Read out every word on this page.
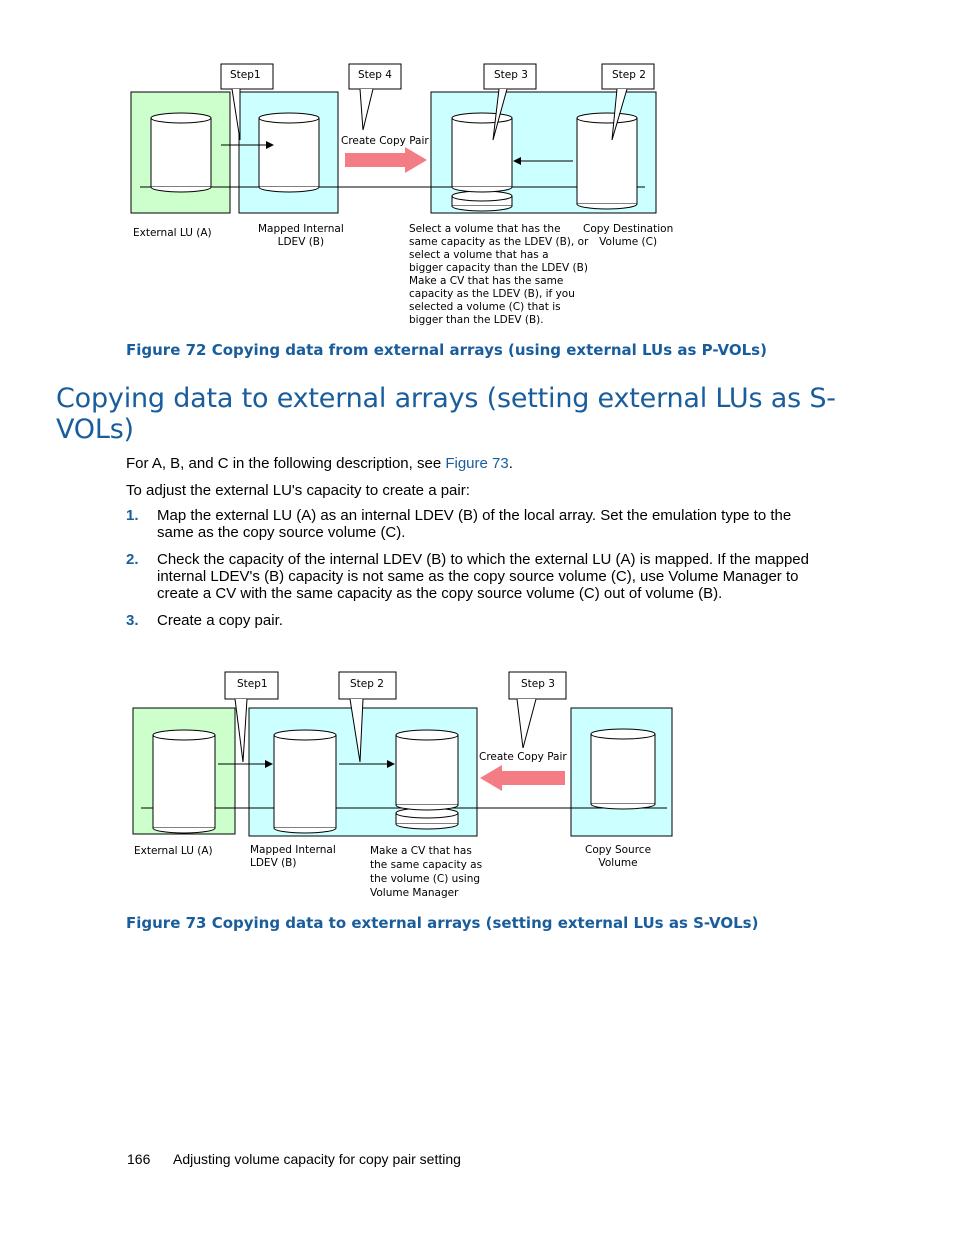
Step1	Step 4	Step 3	Step 2

Create Copy Pair

External LU (A)	Mapped Internal
LDEV (B)
Select a volume that has the
same capacity as the LDEV (B), or
select a volume that has a
bigger capacity than the LDEV (B)
Make a CV that has the same
capacity as the LDEV (B), if you
selected a volume (C) that is
bigger than the LDEV (B).
Copy Destination
Volume (C)

Figure 72 Copying data from external arrays (using external LUs as P-VOLs)

Copying data to external arrays (setting external LUs as S-VOLs)

For A, B, and C in the following description, see Figure 73.

To adjust the external LU's capacity to create a pair:

1. Map the external LU (A) as an internal LDEV (B) of the local array. Set the emulation type to the same as the copy source volume (C).
2. Check the capacity of the internal LDEV (B) to which the external LU (A) is mapped. If the mapped internal LDEV's (B) capacity is not same as the copy source volume (C), use Volume Manager to create a CV with the same capacity as the copy source volume (C) out of volume (B).
3. Create a copy pair.

Step1	Step 2	Step 3

Create Copy Pair

External LU (A)	Mapped Internal
LDEV (B)
Make a CV that has
the same capacity as
the volume (C) using
Volume Manager
Copy Source
Volume

Figure 73 Copying data to external arrays (setting external LUs as S-VOLs)

166 Adjusting volume capacity for copy pair setting
